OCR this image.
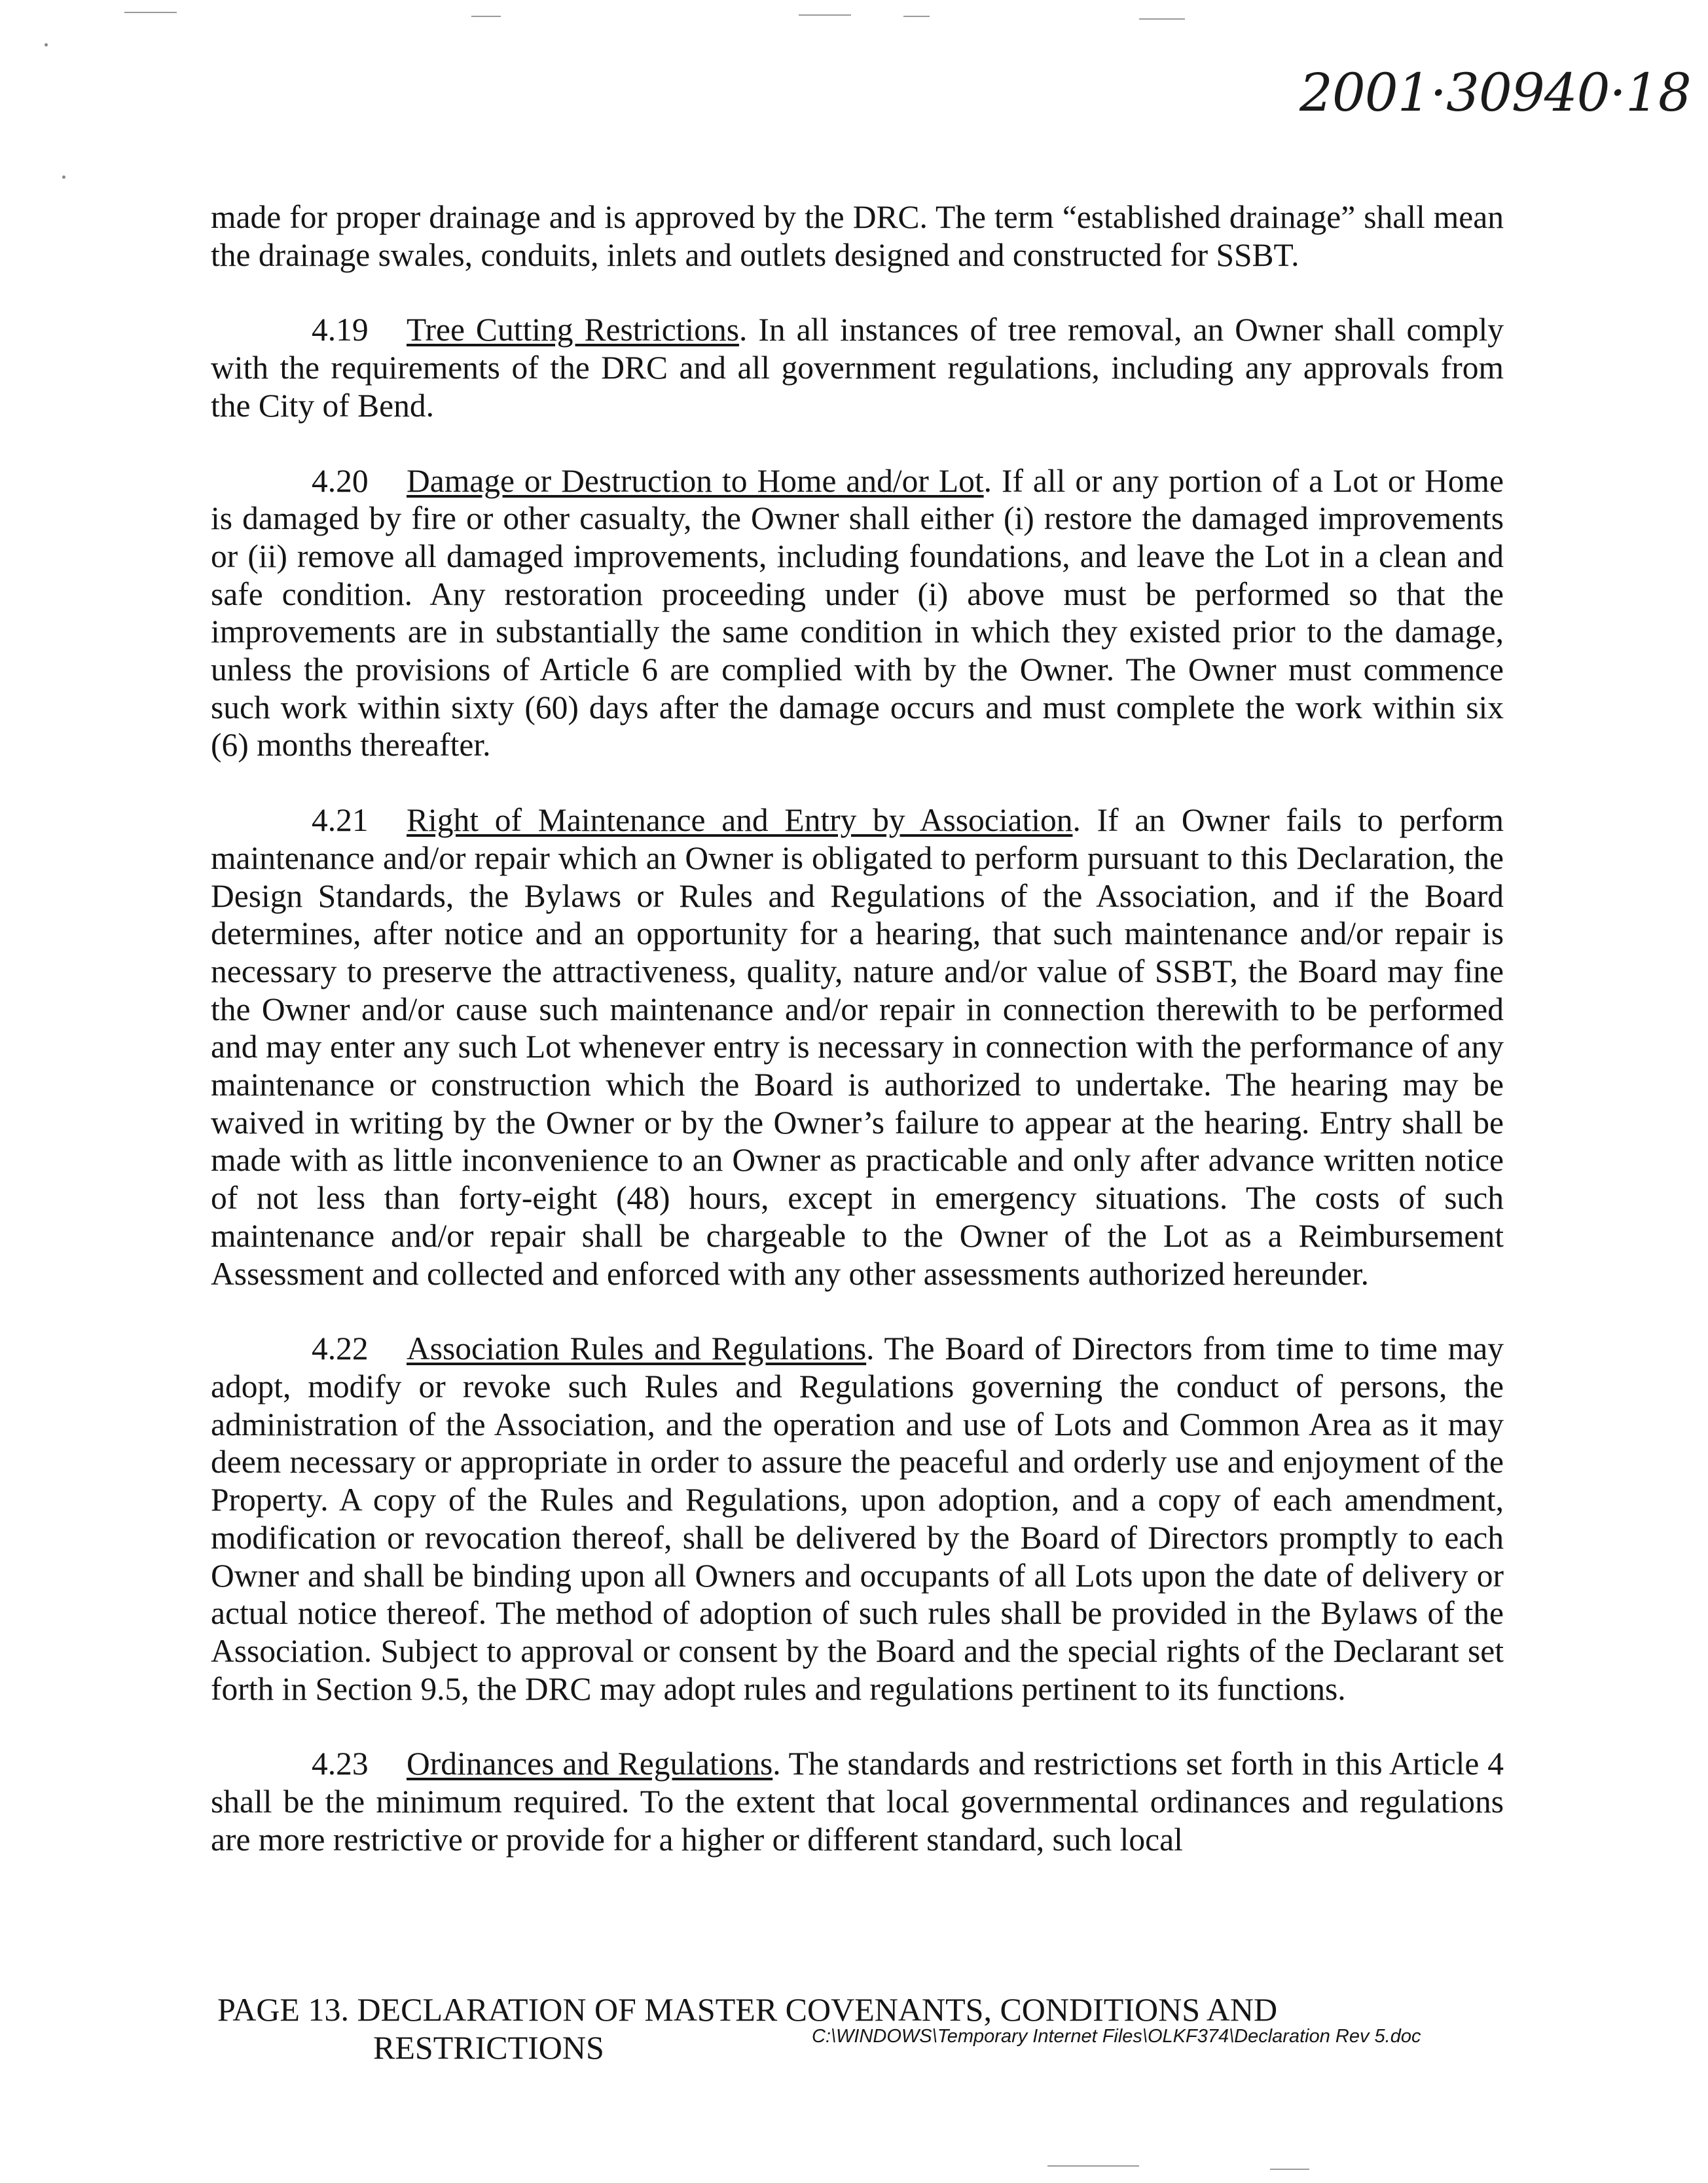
2001·30940·18

made for proper drainage and is approved by the DRC. The term “established drainage” shall mean the drainage swales, conduits, inlets and outlets designed and constructed for SSBT.

4.19 Tree Cutting Restrictions. In all instances of tree removal, an Owner shall comply with the requirements of the DRC and all government regulations, including any approvals from the City of Bend.

4.20 Damage or Destruction to Home and/or Lot. If all or any portion of a Lot or Home is damaged by fire or other casualty, the Owner shall either (i) restore the damaged improvements or (ii) remove all damaged improvements, including foundations, and leave the Lot in a clean and safe condition. Any restoration proceeding under (i) above must be performed so that the improvements are in substantially the same condition in which they existed prior to the damage, unless the provisions of Article 6 are complied with by the Owner. The Owner must commence such work within sixty (60) days after the damage occurs and must complete the work within six (6) months thereafter.

4.21 Right of Maintenance and Entry by Association. If an Owner fails to perform maintenance and/or repair which an Owner is obligated to perform pursuant to this Declaration, the Design Standards, the Bylaws or Rules and Regulations of the Association, and if the Board determines, after notice and an opportunity for a hearing, that such maintenance and/or repair is necessary to preserve the attractiveness, quality, nature and/or value of SSBT, the Board may fine the Owner and/or cause such maintenance and/or repair in connection therewith to be performed and may enter any such Lot whenever entry is necessary in connection with the performance of any maintenance or construction which the Board is authorized to undertake. The hearing may be waived in writing by the Owner or by the Owner’s failure to appear at the hearing. Entry shall be made with as little inconvenience to an Owner as practicable and only after advance written notice of not less than forty-eight (48) hours, except in emergency situations. The costs of such maintenance and/or repair shall be chargeable to the Owner of the Lot as a Reimbursement Assessment and collected and enforced with any other assessments authorized hereunder.

4.22 Association Rules and Regulations. The Board of Directors from time to time may adopt, modify or revoke such Rules and Regulations governing the conduct of persons, the administration of the Association, and the operation and use of Lots and Common Area as it may deem necessary or appropriate in order to assure the peaceful and orderly use and enjoyment of the Property. A copy of the Rules and Regulations, upon adoption, and a copy of each amendment, modification or revocation thereof, shall be delivered by the Board of Directors promptly to each Owner and shall be binding upon all Owners and occupants of all Lots upon the date of delivery or actual notice thereof. The method of adoption of such rules shall be provided in the Bylaws of the Association. Subject to approval or consent by the Board and the special rights of the Declarant set forth in Section 9.5, the DRC may adopt rules and regulations pertinent to its functions.

4.23 Ordinances and Regulations. The standards and restrictions set forth in this Article 4 shall be the minimum required. To the extent that local governmental ordinances and regulations are more restrictive or provide for a higher or different standard, such local

PAGE 13. DECLARATION OF MASTER COVENANTS, CONDITIONS AND
RESTRICTIONS	C:\WINDOWS\Temporary Internet Files\OLKF374\Declaration Rev 5.doc
